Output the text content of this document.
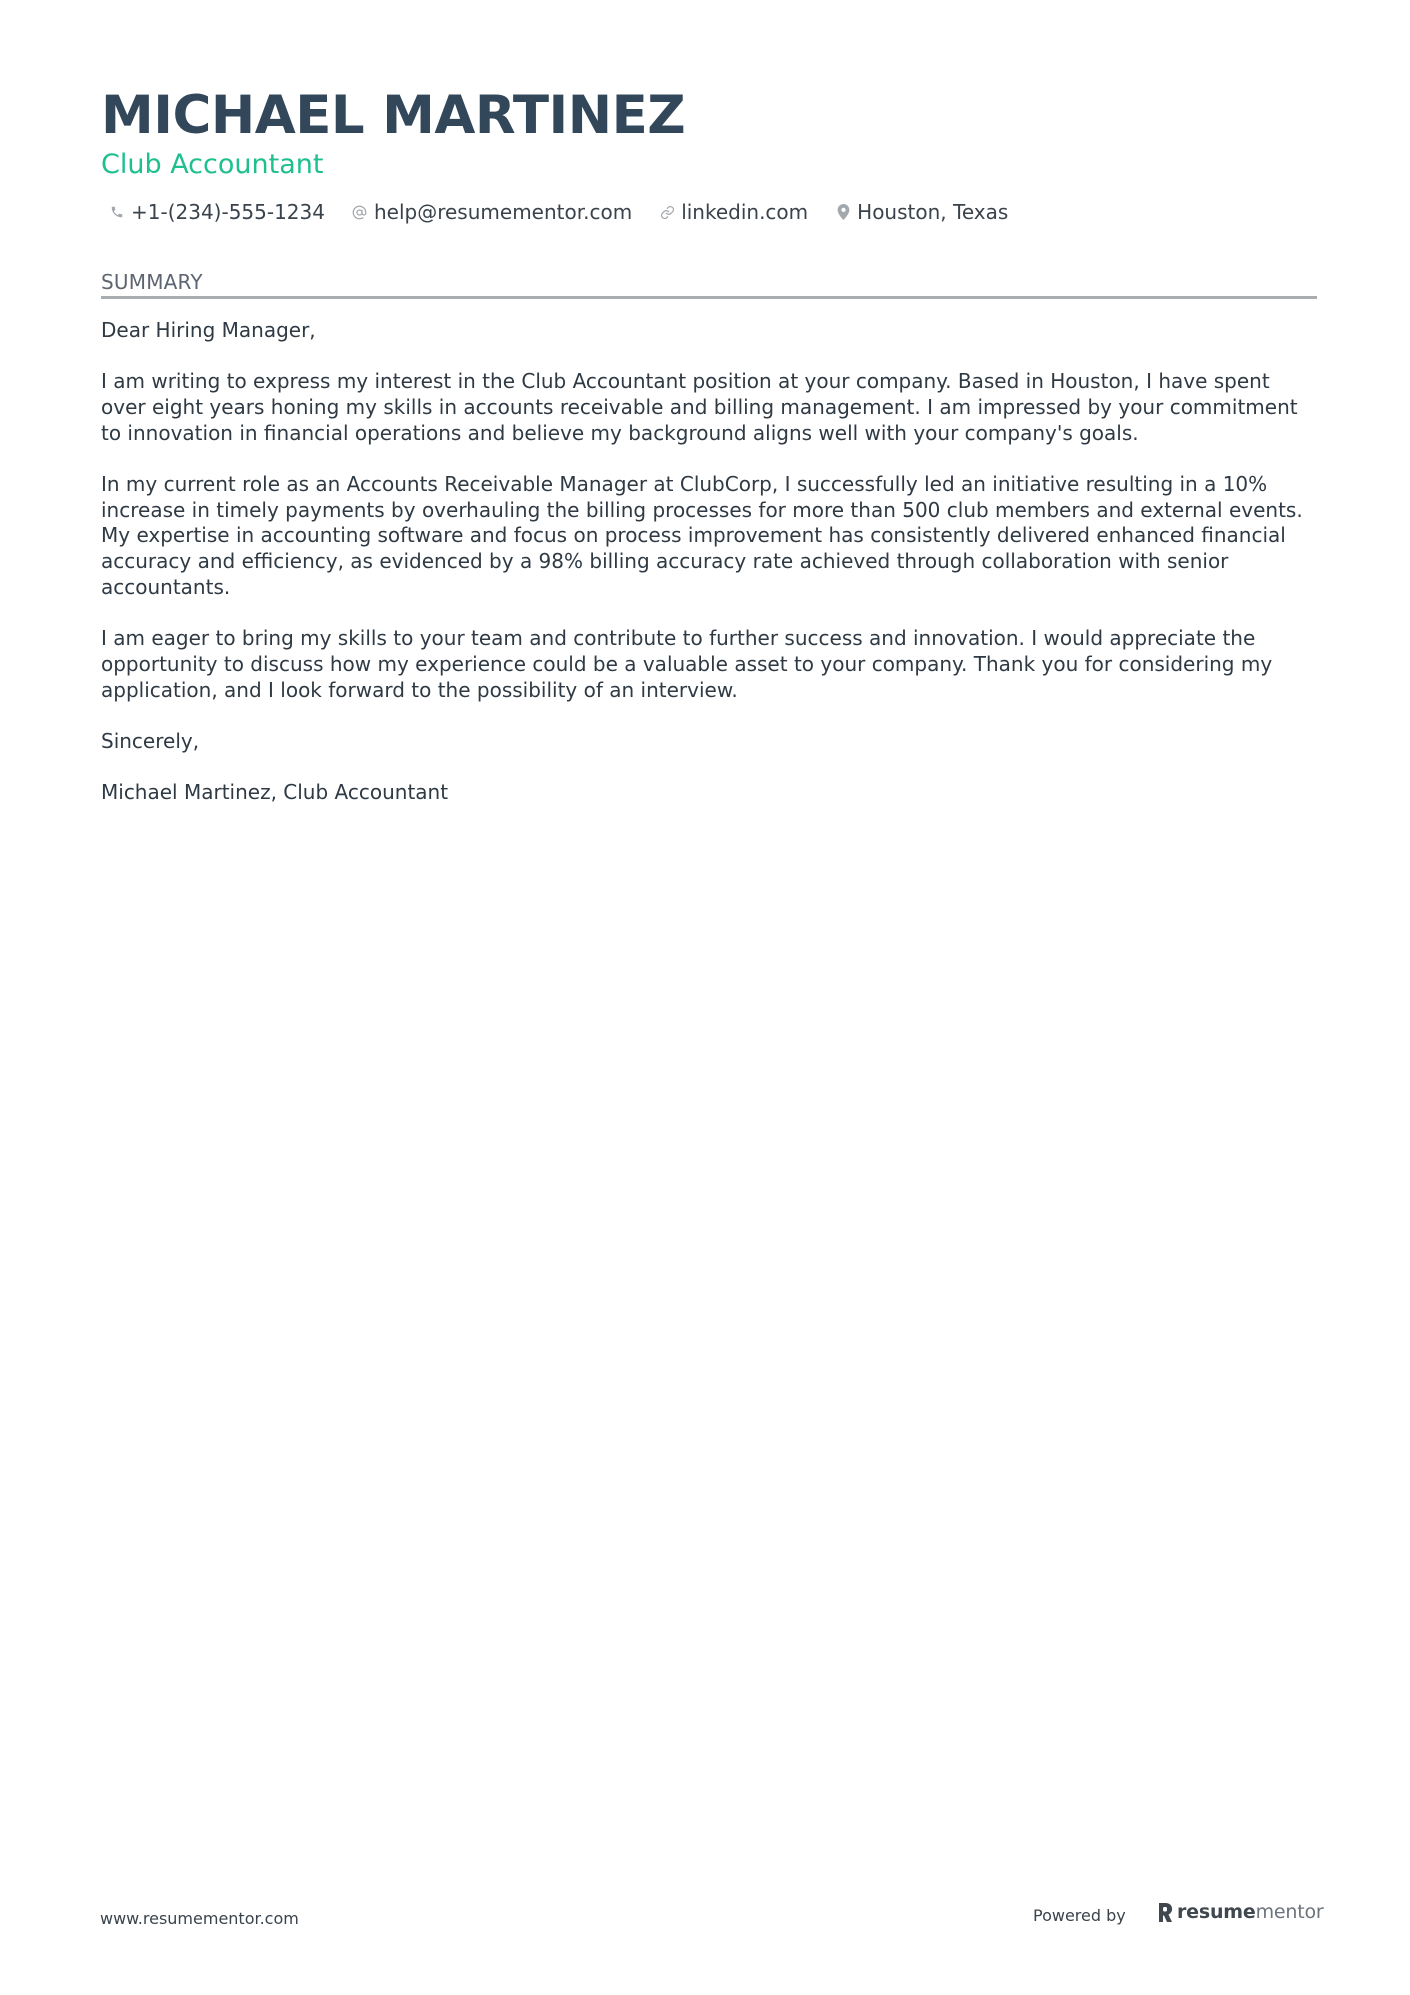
MICHAEL MARTINEZ
Club Accountant
+1-(234)-555-1234 help@resumementor.com linkedin.com Houston, Texas
SUMMARY

Dear Hiring Manager,

I am writing to express my interest in the Club Accountant position at your company. Based in Houston, I have spent over eight years honing my skills in accounts receivable and billing management. I am impressed by your commitment to innovation in financial operations and believe my background aligns well with your company's goals.

In my current role as an Accounts Receivable Manager at ClubCorp, I successfully led an initiative resulting in a 10% increase in timely payments by overhauling the billing processes for more than 500 club members and external events. My expertise in accounting software and focus on process improvement has consistently delivered enhanced financial accuracy and efficiency, as evidenced by a 98% billing accuracy rate achieved through collaboration with senior accountants.

I am eager to bring my skills to your team and contribute to further success and innovation. I would appreciate the opportunity to discuss how my experience could be a valuable asset to your company. Thank you for considering my application, and I look forward to the possibility of an interview.

Sincerely,

Michael Martinez, Club Accountant

www.resumementor.com	Powered by	resumementor
